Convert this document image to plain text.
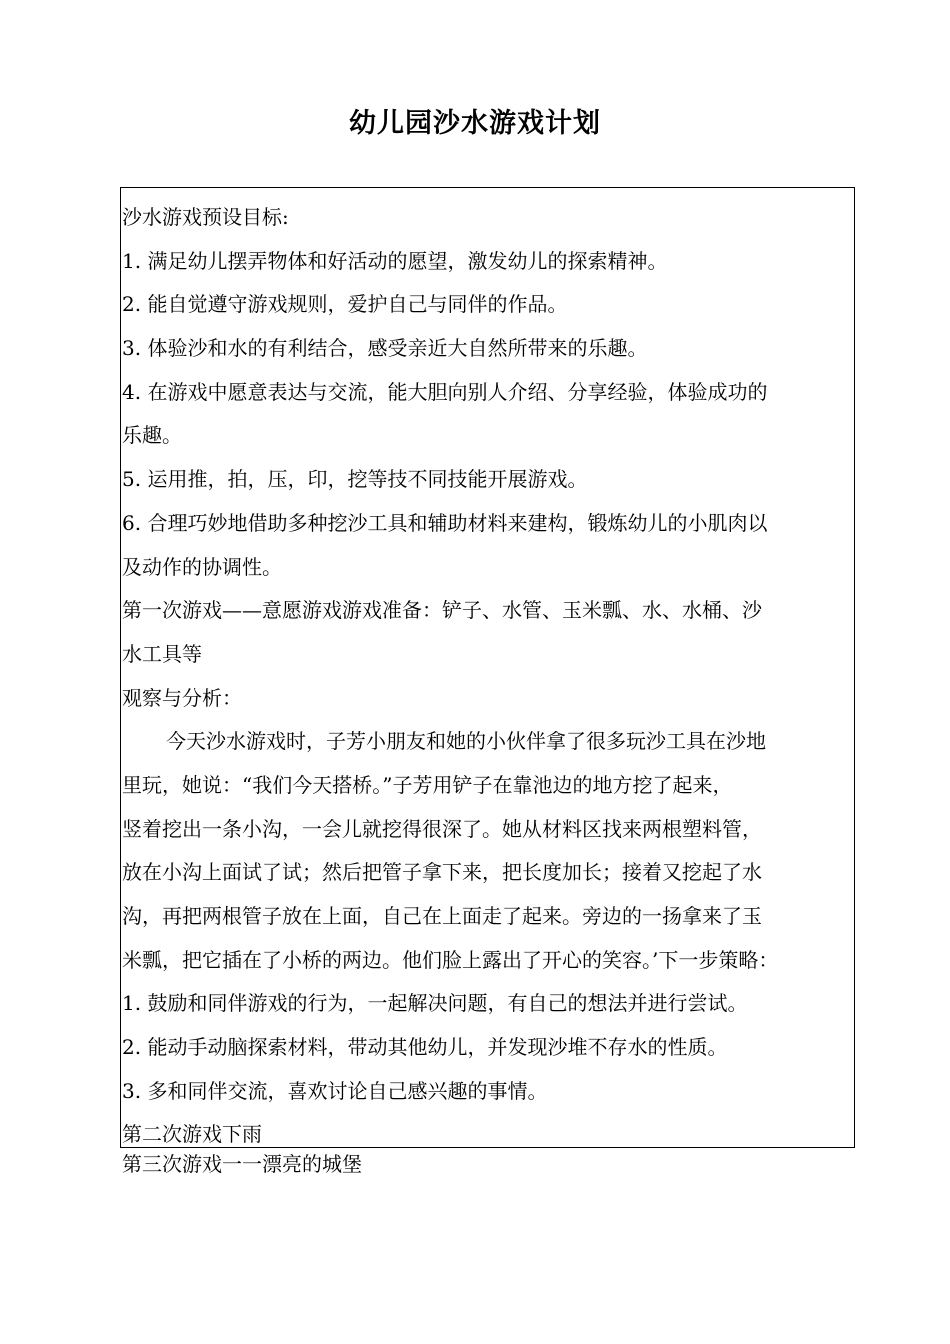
幼儿园沙水游戏计划
沙水游戏预设目标:
1. 满足幼儿摆弄物体和好活动的愿望，激发幼儿的探索精神。
2. 能自觉遵守游戏规则，爱护自己与同伴的作品。
3. 体验沙和水的有利结合，感受亲近大自然所带来的乐趣。
4. 在游戏中愿意表达与交流，能大胆向别人介绍、分享经验，体验成功的
乐趣。
5. 运用推，拍，压，印，挖等技不同技能开展游戏。
6. 合理巧妙地借助多种挖沙工具和辅助材料来建构，锻炼幼儿的小肌肉以
及动作的协调性。
第一次游戏——意愿游戏游戏准备：铲子、水管、玉米瓢、水、水桶、沙
水工具等
观察与分析：
今天沙水游戏时，子芳小朋友和她的小伙伴拿了很多玩沙工具在沙地
里玩，她说：“我们今天搭桥。”子芳用铲子在靠池边的地方挖了起来，
竖着挖出一条小沟，一会儿就挖得很深了。她从材料区找来两根塑料管，
放在小沟上面试了试；然后把管子拿下来，把长度加长；接着又挖起了水
沟，再把两根管子放在上面，自己在上面走了起来。旁边的一扬拿来了玉
米瓢，把它插在了小桥的两边。他们脸上露出了开心的笑容。’下一步策略：
1. 鼓励和同伴游戏的行为，一起解决问题，有自己的想法并进行尝试。
2. 能动手动脑探索材料，带动其他幼儿，并发现沙堆不存水的性质。
3. 多和同伴交流，喜欢讨论自己感兴趣的事情。
第二次游戏下雨
第三次游戏一一漂亮的城堡
